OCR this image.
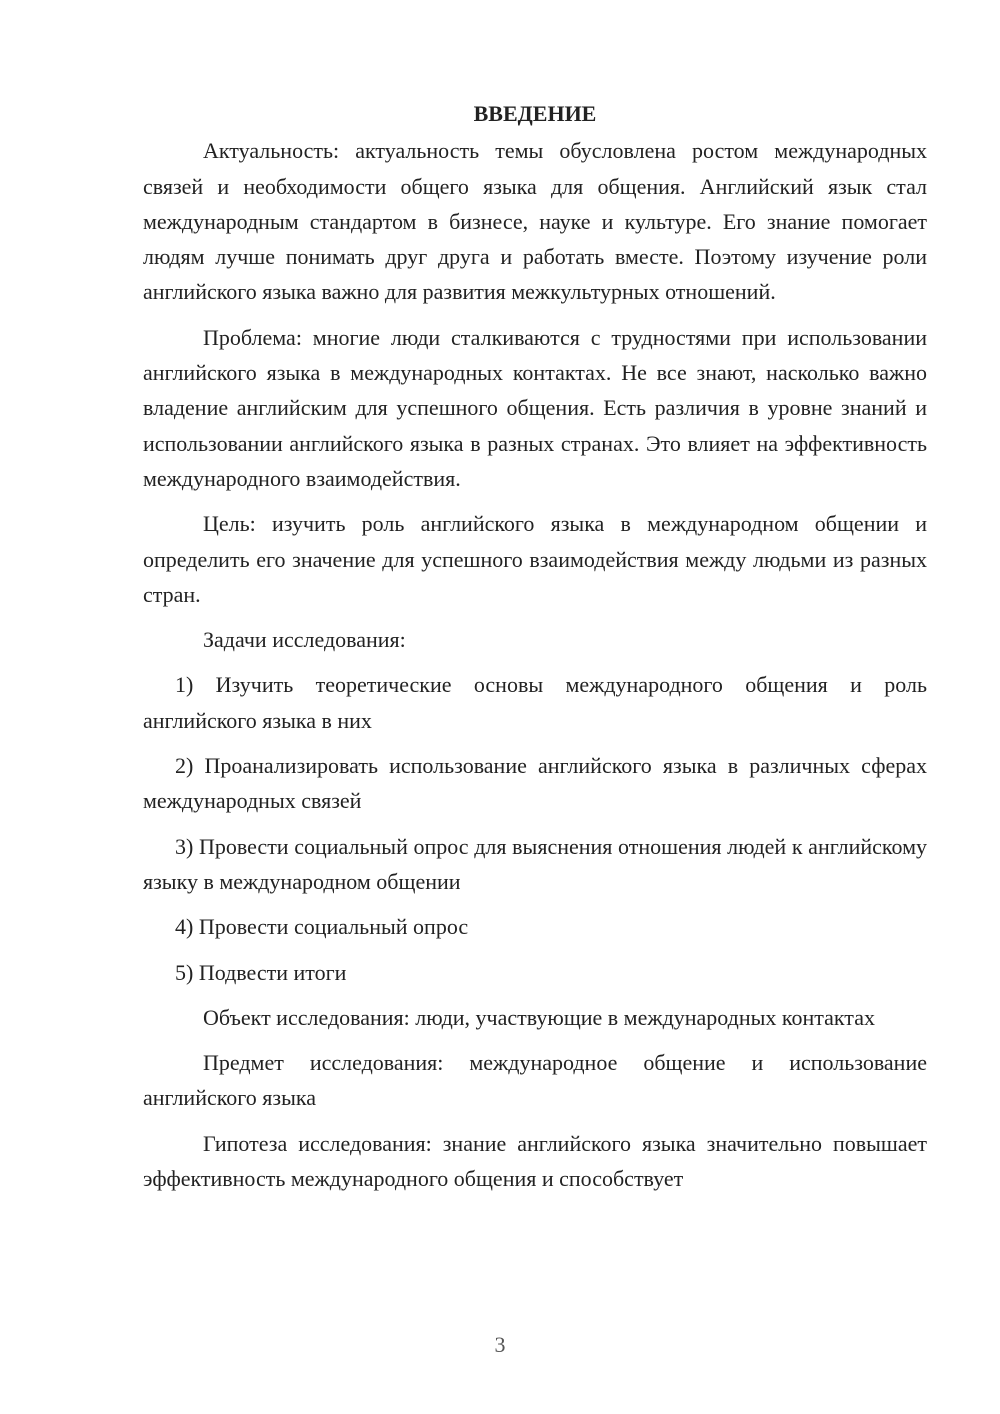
ВВЕДЕНИЕ

Актуальность: актуальность темы обусловлена ростом международных связей и необходимости общего языка для общения. Английский язык стал международным стандартом в бизнесе, науке и культуре. Его знание помогает людям лучше понимать друг друга и работать вместе. Поэтому изучение роли английского языка важно для развития межкультурных отношений.

Проблема: многие люди сталкиваются с трудностями при использовании английского языка в международных контактах. Не все знают, насколько важно владение английским для успешного общения. Есть различия в уровне знаний и использовании английского языка в разных странах. Это влияет на эффективность международного взаимодействия.

Цель: изучить роль английского языка в международном общении и определить его значение для успешного взаимодействия между людьми из разных стран.

Задачи исследования:

1) Изучить теоретические основы международного общения и роль английского языка в них

2) Проанализировать использование английского языка в различных сферах международных связей

3) Провести социальный опрос для выяснения отношения людей к английскому языку в международном общении

4) Провести социальный опрос

5) Подвести итоги

Объект исследования: люди, участвующие в международных контактах

Предмет исследования: международное общение и использование английского языка

Гипотеза исследования: знание английского языка значительно повышает эффективность международного общения и способствует

3
